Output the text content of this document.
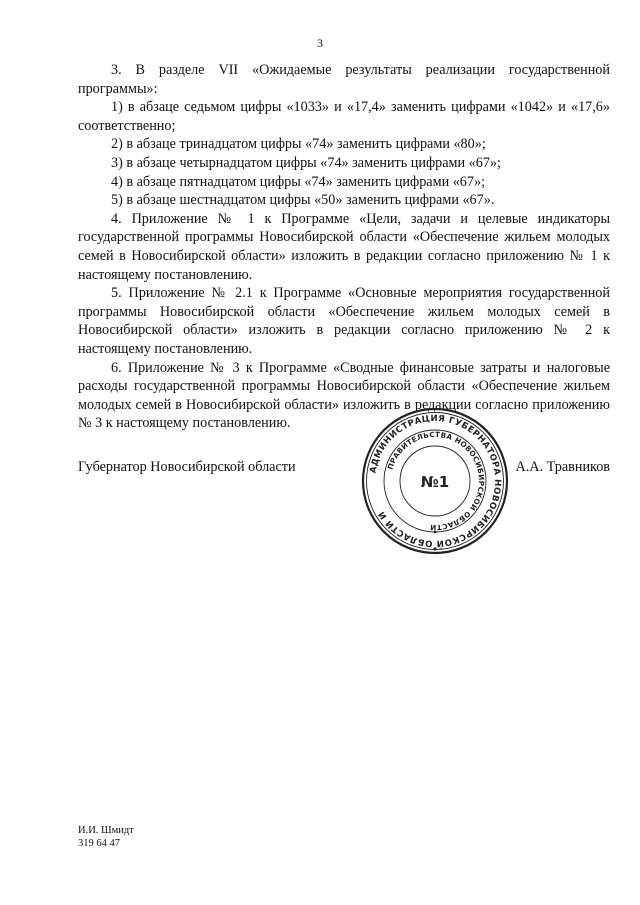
3

3. В разделе VII «Ожидаемые результаты реализации государственной программы»:

1) в абзаце седьмом цифры «1033» и «17,4» заменить цифрами «1042» и «17,6» соответственно;

2) в абзаце тринадцатом цифры «74» заменить цифрами «80»;

3) в абзаце четырнадцатом цифры «74» заменить цифрами «67»;

4) в абзаце пятнадцатом цифры «74» заменить цифрами «67»;

5) в абзаце шестнадцатом цифры «50» заменить цифрами «67».

4. Приложение № 1 к Программе «Цели, задачи и целевые индикаторы государственной программы Новосибирской области «Обеспечение жильем молодых семей в Новосибирской области» изложить в редакции согласно приложению № 1 к настоящему постановлению.

5. Приложение № 2.1 к Программе «Основные мероприятия государственной программы Новосибирской области «Обеспечение жильем молодых семей в Новосибирской области» изложить в редакции согласно приложению № 2 к настоящему постановлению.

6. Приложение № 3 к Программе «Сводные финансовые затраты и налоговые расходы государственной программы Новосибирской области «Обеспечение жильем молодых семей в Новосибирской области» изложить в редакции согласно приложению № 3 к настоящему постановлению.

Губернатор Новосибирской области	А.А. Травников
АДМИНИСТРАЦИЯ ГУБЕРНАТОРА НОВОСИБИРСКОЙ ОБЛАСТИ И
ПРАВИТЕЛЬСТВА НОВОСИБИРСКОЙ ОБЛАСТИ
№1
И.И. Шмидт
319 64 47
